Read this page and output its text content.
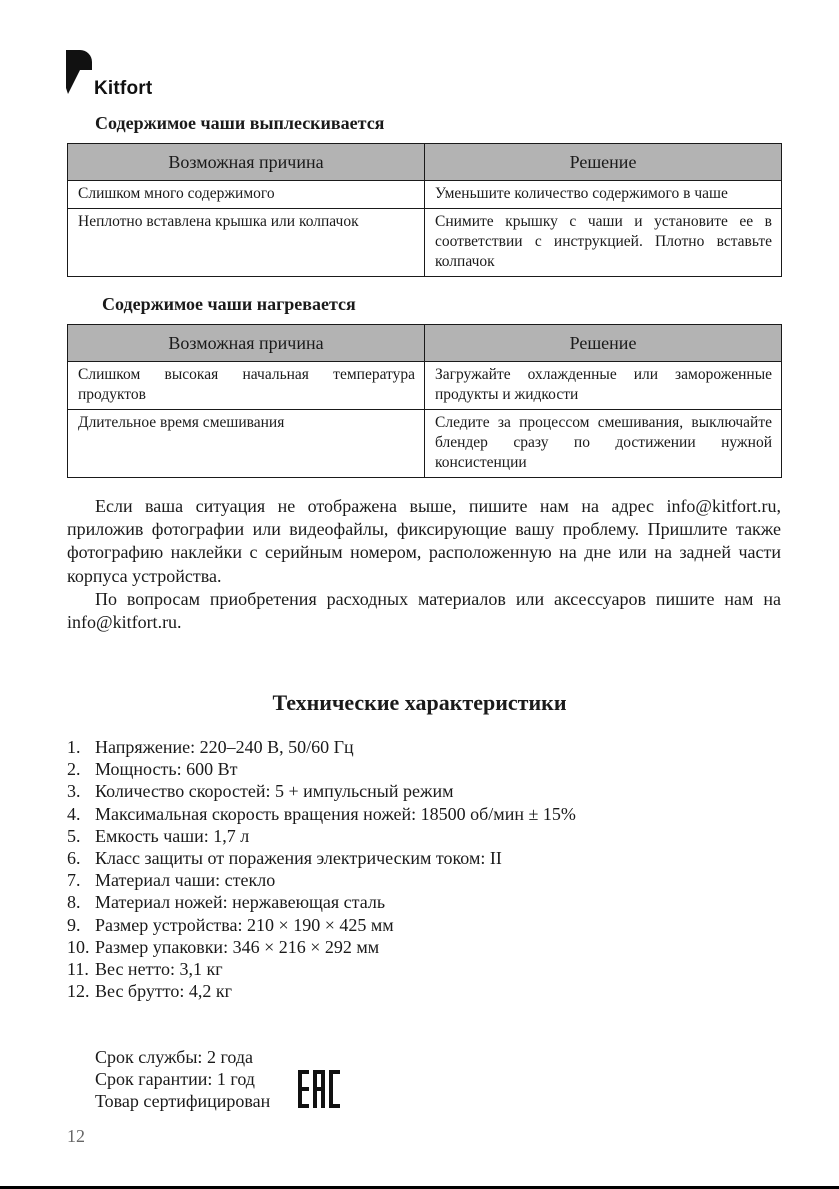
Kitfort
Содержимое чаши выплескивается
Возможная причина	Решение
Слишком много содержимого	Уменьшите количество содержимого в чаше
Неплотно вставлена крышка или колпачок	Снимите крышку с чаши и установите ее в соответствии с инструкцией. Плотно вставьте колпачок
Содержимое чаши нагревается
Возможная причина	Решение
Слишком высокая начальная температура продуктов	Загружайте охлажденные или замороженные продукты и жидкости
Длительное время смешивания	Следите за процессом смешивания, выключайте блендер сразу по достижении нужной консистенции

Если ваша ситуация не отображена выше, пишите нам на адрес info@kitfort.ru, приложив фотографии или видеофайлы, фиксирующие вашу проблему. Пришлите также фотографию наклейки с серийным номером, расположенную на дне или на задней части корпуса устройства.

По вопросам приобретения расходных материалов или аксессуаров пишите нам на info@kitfort.ru.

Технические характеристики
1. Напряжение: 220–240 В, 50/60 Гц
2. Мощность: 600 Вт
3. Количество скоростей: 5 + импульсный режим
4. Максимальная скорость вращения ножей: 18500 об/мин ± 15%
5. Емкость чаши: 1,7 л
6. Класс защиты от поражения электрическим током: II
7. Материал чаши: стекло
8. Материал ножей: нержавеющая сталь
9. Размер устройства: 210 × 190 × 425 мм
10. Размер упаковки: 346 × 216 × 292 мм
11. Вес нетто: 3,1 кг
12. Вес брутто: 4,2 кг
Срок службы: 2 года
Срок гарантии: 1 год
Товар сертифицирован
12
